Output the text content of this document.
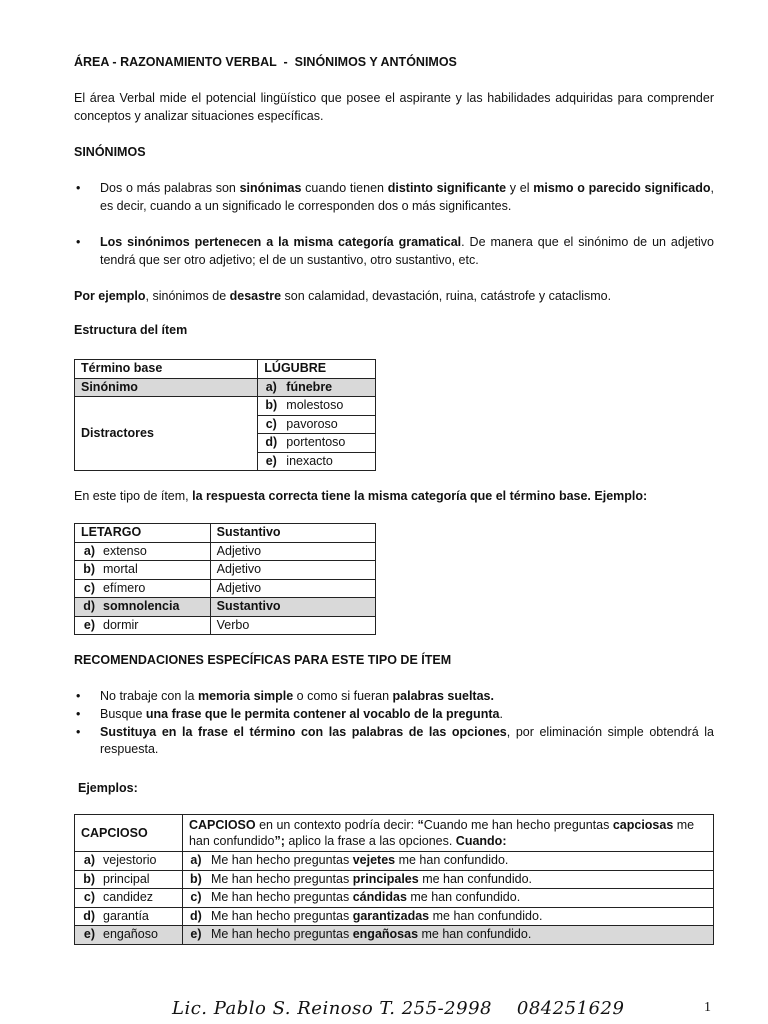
ÁREA - RAZONAMIENTO VERBAL  -  SINÓNIMOS Y ANTÓNIMOS
El área Verbal mide el potencial lingüístico que posee el aspirante y las habilidades adquiridas para comprender conceptos y analizar situaciones específicas.
SINÓNIMOS
• Dos o más palabras son sinónimas cuando tienen distinto significante y el mismo o parecido significado, es decir, cuando a un significado le corresponden dos o más significantes.
• Los sinónimos pertenecen a la misma categoría gramatical. De manera que el sinónimo de un adjetivo tendrá que ser otro adjetivo; el de un sustantivo, otro sustantivo, etc.
Por ejemplo, sinónimos de desastre son calamidad, devastación, ruina, catástrofe y cataclismo.
Estructura del ítem
Término base	LÚGUBRE
Sinónimo	a) fúnebre
Distractores	b) molestoso
	c) pavoroso
	d) portentoso
	e) inexacto
En este tipo de ítem, la respuesta correcta tiene la misma categoría que el término base. Ejemplo:
LETARGO	Sustantivo
a) extenso	Adjetivo
b) mortal	Adjetivo
c) efímero	Adjetivo
d) somnolencia	Sustantivo
e) dormir	Verbo
RECOMENDACIONES ESPECÍFICAS PARA ESTE TIPO DE ÍTEM
• No trabaje con la memoria simple o como si fueran palabras sueltas.
• Busque una frase que le permita contener al vocablo de la pregunta.
• Sustituya en la frase el término con las palabras de las opciones, por eliminación simple obtendrá la respuesta.
Ejemplos:
CAPCIOSO	CAPCIOSO en un contexto podría decir: “Cuando me han hecho preguntas capciosas me han confundido”; aplico la frase a las opciones. Cuando:
a) vejestorio	a) Me han hecho preguntas vejetes me han confundido.
b) principal	b) Me han hecho preguntas principales me han confundido.
c) candidez	c) Me han hecho preguntas cándidas me han confundido.
d) garantía	d) Me han hecho preguntas garantizadas me han confundido.
e) engañoso	e) Me han hecho preguntas engañosas me han confundido.
Lic. Pablo S. Reinoso T. 255-2998    084251629	1
